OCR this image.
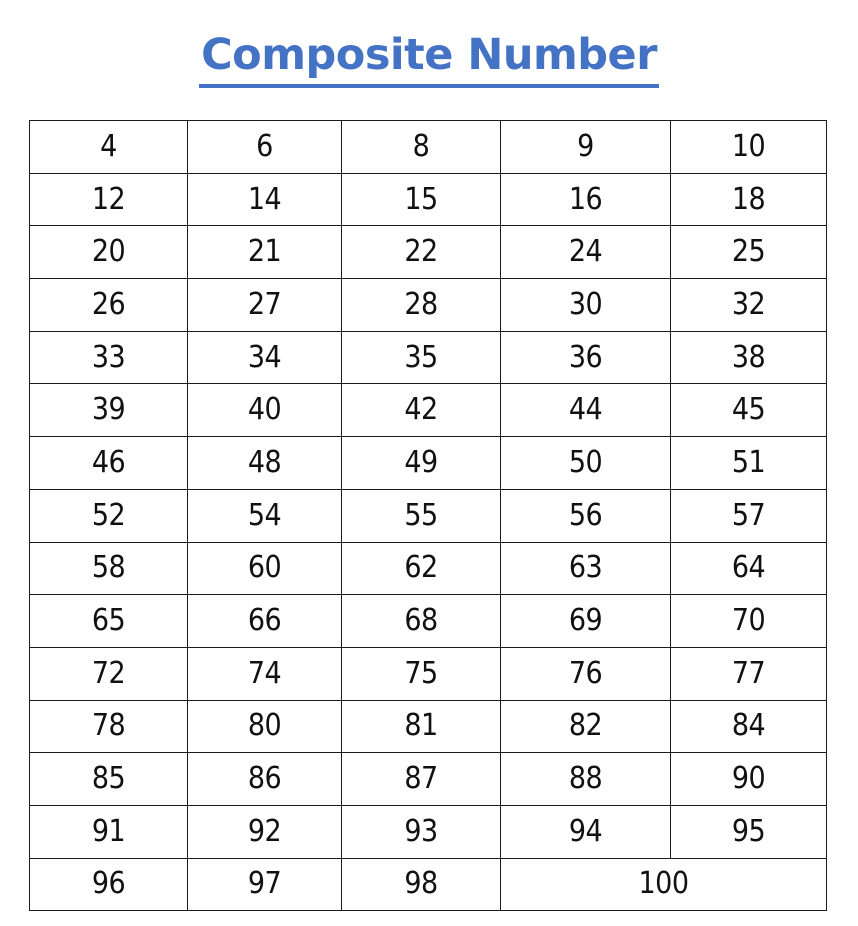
Composite Number
4	6	8	9	10
12	14	15	16	18
20	21	22	24	25
26	27	28	30	32
33	34	35	36	38
39	40	42	44	45
46	48	49	50	51
52	54	55	56	57
58	60	62	63	64
65	66	68	69	70
72	74	75	76	77
78	80	81	82	84
85	86	87	88	90
91	92	93	94	95
96	97	98	100	
